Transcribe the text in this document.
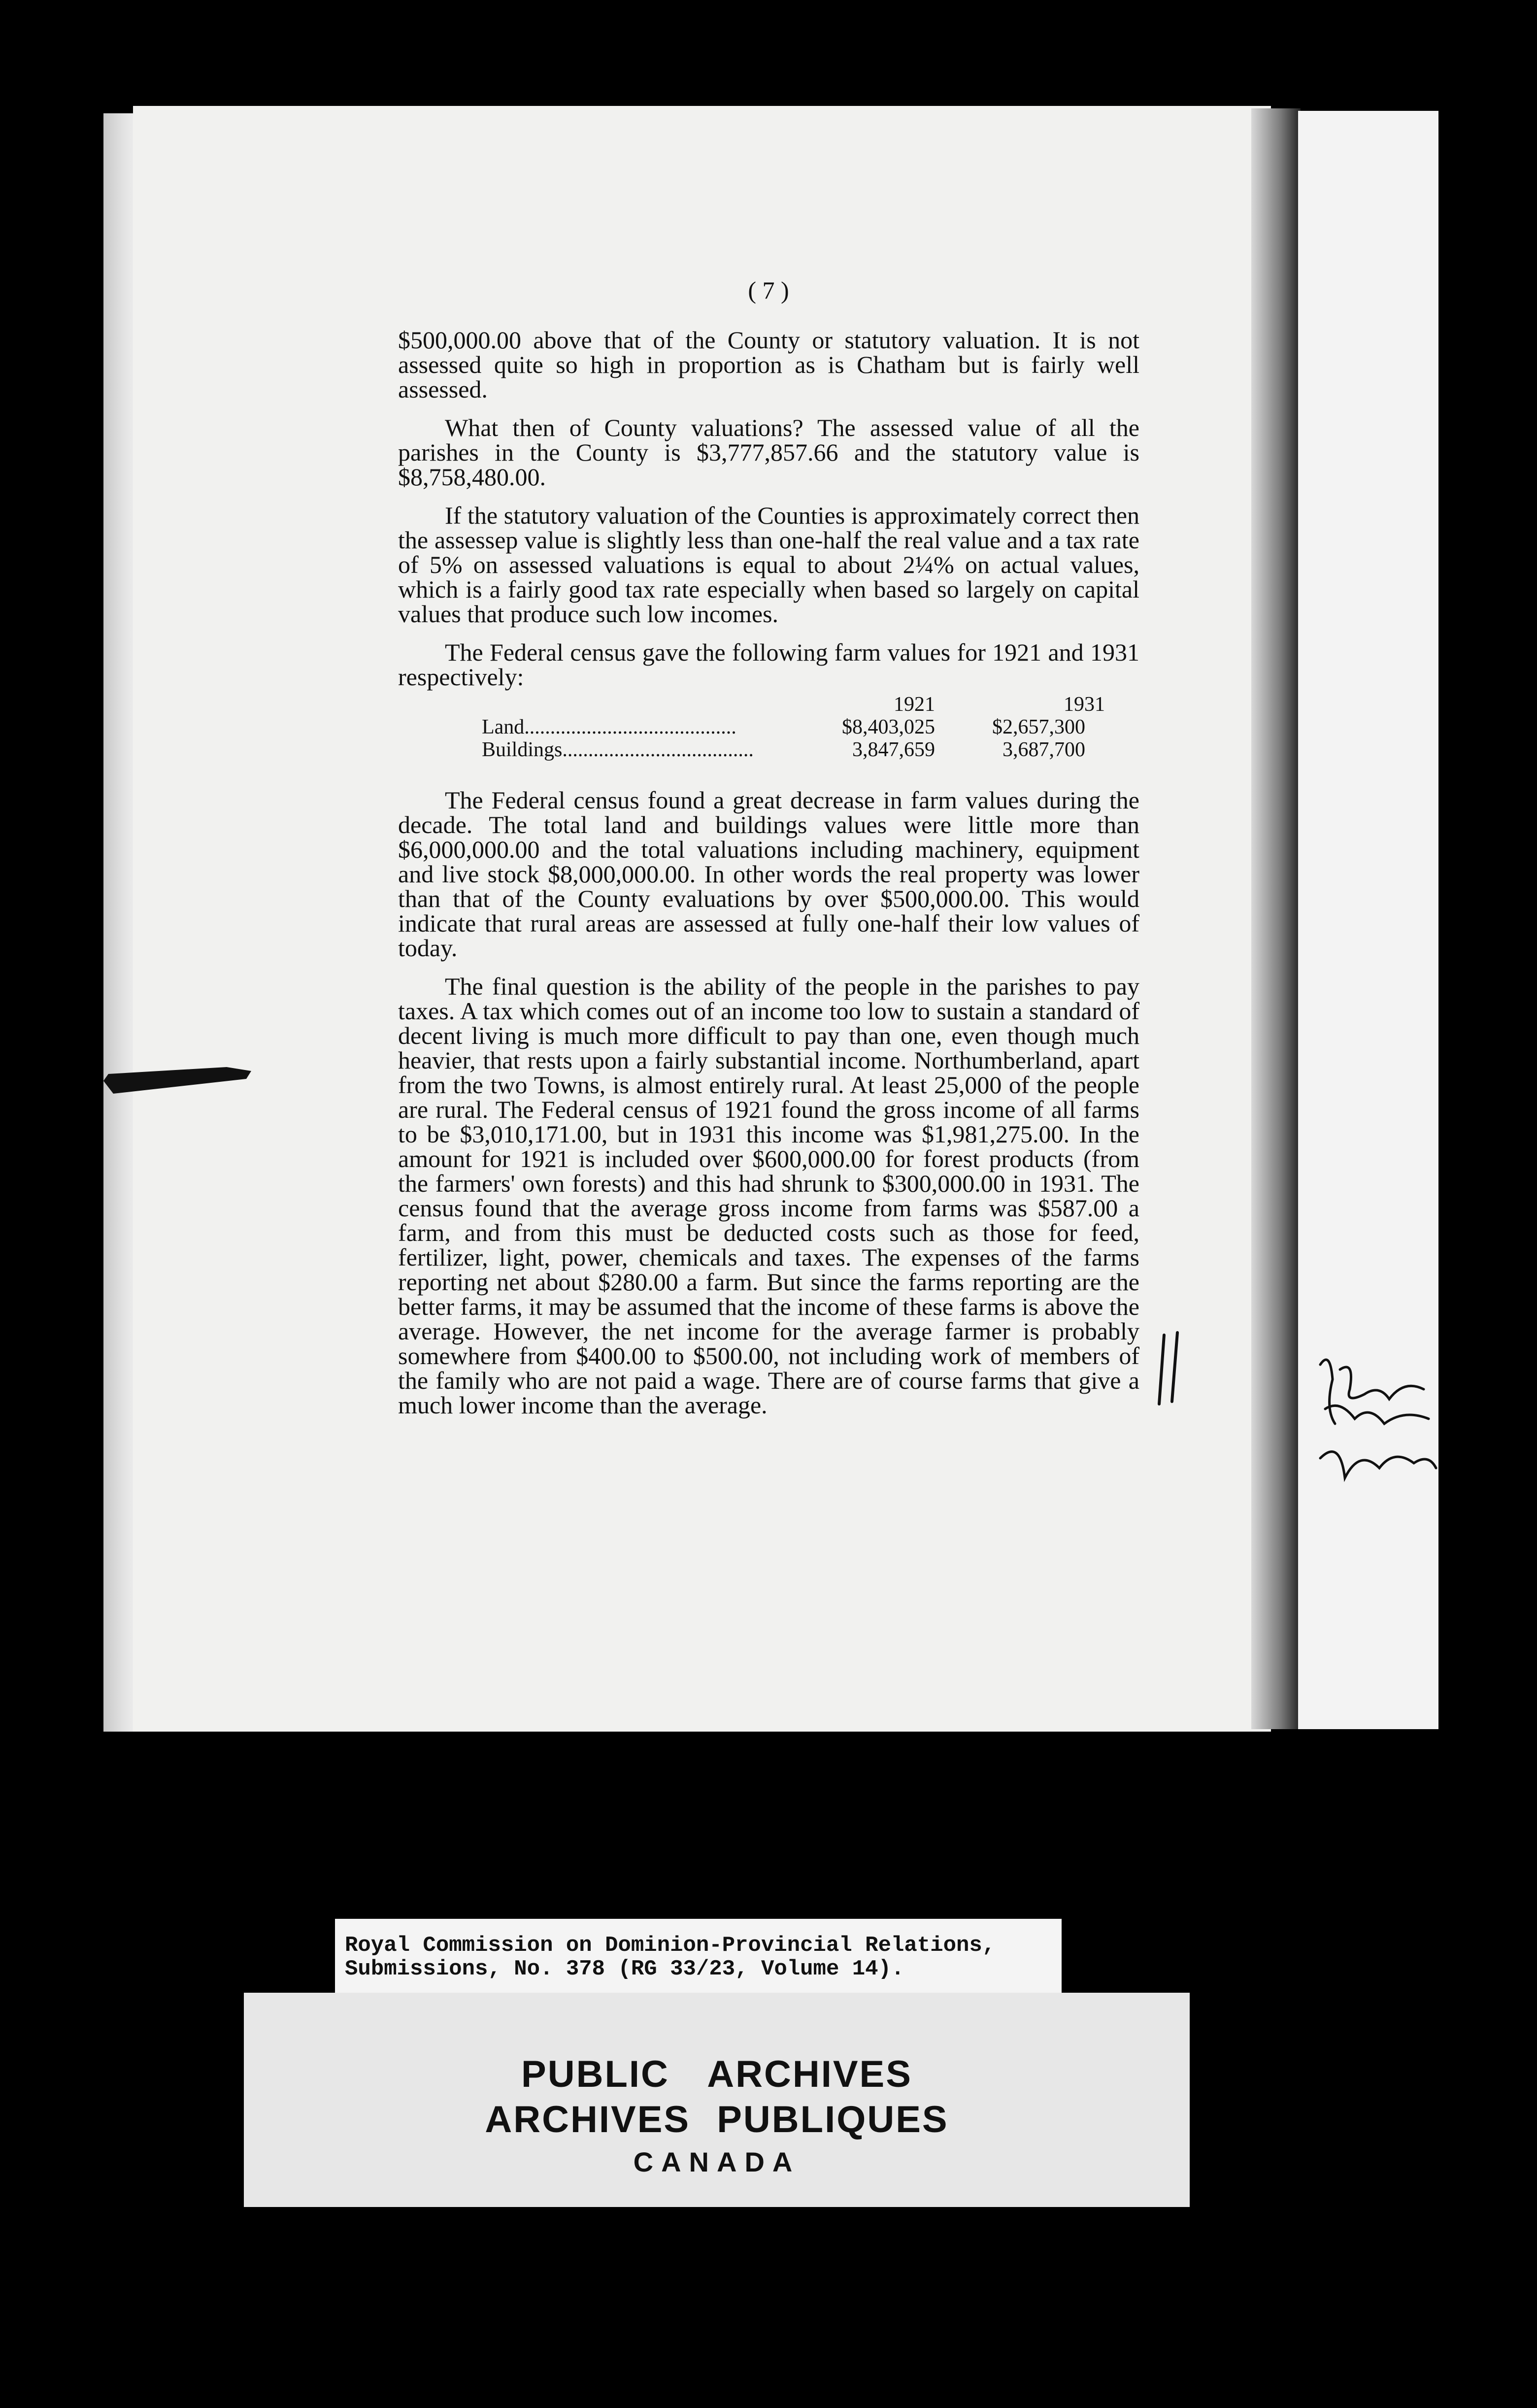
( 7 )

$500,000.00 above that of the County or statutory valuation. It is not assessed quite so high in proportion as is Chatham but is fairly well assessed.

What then of County valuations? The assessed value of all the parishes in the County is $3,777,857.66 and the statutory value is $8,758,480.00.

If the statutory valuation of the Counties is approximately correct then the assessep value is slightly less than one-half the real value and a tax rate of 5% on assessed valuations is equal to about 2¼% on actual values, which is a fairly good tax rate especially when based so largely on capital values that produce such low incomes.

The Federal census gave the following farm values for 1921 and 1931 respectively:

1921	1931
Land.........................................	$8,403,025	$2,657,300
Buildings.....................................	3,847,659	3,687,700

The Federal census found a great decrease in farm values during the decade. The total land and buildings values were little more than $6,000,000.00 and the total valuations including machinery, equipment and live stock $8,000,000.00. In other words the real property was lower than that of the County evaluations by over $500,000.00. This would indicate that rural areas are assessed at fully one-half their low values of today.

The final question is the ability of the people in the parishes to pay taxes. A tax which comes out of an income too low to sustain a standard of decent living is much more difficult to pay than one, even though much heavier, that rests upon a fairly substantial income. Northumberland, apart from the two Towns, is almost entirely rural. At least 25,000 of the people are rural. The Federal census of 1921 found the gross income of all farms to be $3,010,171.00, but in 1931 this income was $1,981,275.00. In the amount for 1921 is included over $600,000.00 for forest products (from the farmers' own forests) and this had shrunk to $300,000.00 in 1931. The census found that the average gross income from farms was $587.00 a farm, and from this must be deducted costs such as those for feed, fertilizer, light, power, chemicals and taxes. The expenses of the farms reporting net about $280.00 a farm. But since the farms reporting are the better farms, it may be assumed that the income of these farms is above the average. However, the net income for the average farmer is probably somewhere from $400.00 to $500.00, not including work of members of the family who are not paid a wage. There are of course farms that give a much lower income than the average.

Royal Commission on Dominion-Provincial Relations,
Submissions, No. 378 (RG 33/23, Volume 14).
PUBLIC ARCHIVES
ARCHIVES PUBLIQUES
CANADA
